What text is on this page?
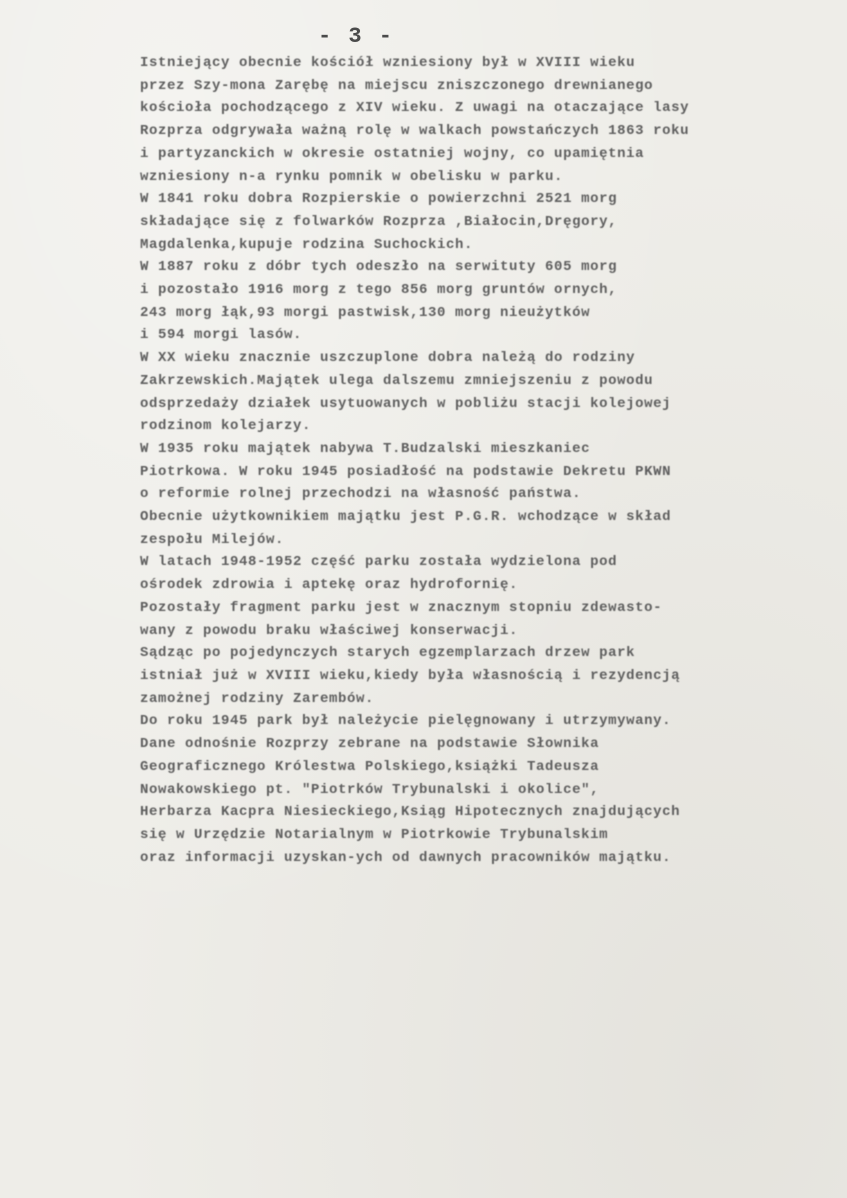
- 3 -
Istniejący obecnie kościół wzniesiony był w XVIII wieku
przez Szy-mona Zarębę na miejscu zniszczonego drewnianego
kościoła pochodzącego z XIV wieku. Z uwagi na otaczające lasy
Rozprza odgrywała ważną rolę w walkach powstańczych 1863 roku
i partyzanckich w okresie ostatniej wojny, co upamiętnia
wzniesiony n-a rynku pomnik w obelisku w parku.
W 1841 roku dobra Rozpierskie o powierzchni 2521 morg
składające się z folwarków Rozprza ,Białocin,Dręgory,
Magdalenka,kupuje rodzina Suchockich.
W 1887 roku z dóbr tych odeszło na serwituty 605 morg
i pozostało 1916 morg z tego 856 morg gruntów ornych,
243 morg łąk,93 morgi pastwisk,130 morg nieużytków
i 594 morgi lasów.
W XX wieku znacznie uszczuplone dobra należą do rodziny
Zakrzewskich.Majątek ulega dalszemu zmniejszeniu z powodu
odsprzedaży działek usytuowanych w pobliżu stacji kolejowej
rodzinom kolejarzy.
W 1935 roku majątek nabywa T.Budzalski mieszkaniec
Piotrkowa. W roku 1945 posiadłość na podstawie Dekretu PKWN
o reformie rolnej przechodzi na własność państwa.
Obecnie użytkownikiem majątku jest P.G.R. wchodzące w skład
zespołu Milejów.
W latach 1948-1952 część parku została wydzielona pod
ośrodek zdrowia i aptekę oraz hydrofornię.
Pozostały fragment parku jest w znacznym stopniu zdewasto-
wany z powodu braku właściwej konserwacji.
Sądząc po pojedynczych starych egzemplarzach drzew park
istniał już w XVIII wieku,kiedy była własnością i rezydencją
zamożnej rodziny Zarembów.
Do roku 1945 park był należycie pielęgnowany i utrzymywany.
Dane odnośnie Rozprzy zebrane na podstawie Słownika
Geograficznego Królestwa Polskiego,książki Tadeusza
Nowakowskiego pt. "Piotrków Trybunalski i okolice",
Herbarza Kacpra Niesieckiego,Ksiąg Hipotecznych znajdujących
się w Urzędzie Notarialnym w Piotrkowie Trybunalskim
oraz informacji uzyskan-ych od dawnych pracowników majątku.
